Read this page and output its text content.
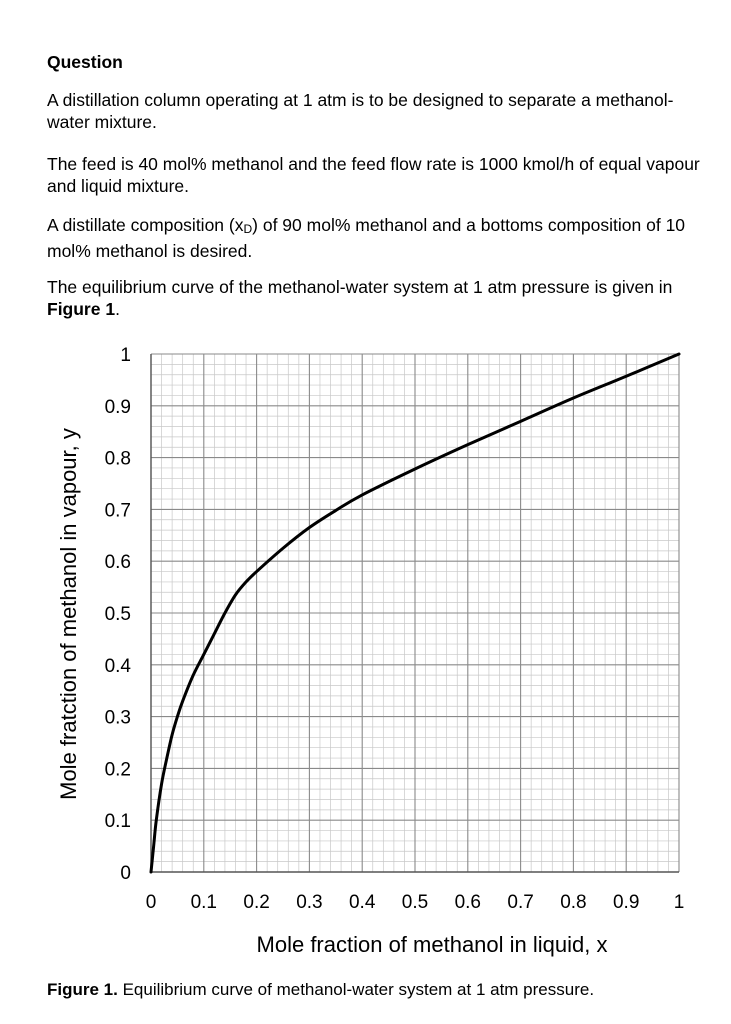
Question
A distillation column operating at 1 atm is to be designed to separate a methanol-water mixture.
The feed is 40 mol% methanol and the feed flow rate is 1000 kmol/h of equal vapour and liquid mixture.
A distillate composition (xD) of 90 mol% methanol and a bottoms composition of 10 mol% methanol is desired.
The equilibrium curve of the methanol-water system at 1 atm pressure is given in Figure 1.
0
0.1
0.2
0.3
0.4
0.5
0.6
0.7
0.8
0.9
1
0 0.1 0.2 0.3 0.4 0.5 0.6 0.7 0.8 0.9 1
Mole fratction of methanol in vapour, y
Mole fraction of methanol in liquid, x
Figure 1. Equilibrium curve of methanol-water system at 1 atm pressure.
